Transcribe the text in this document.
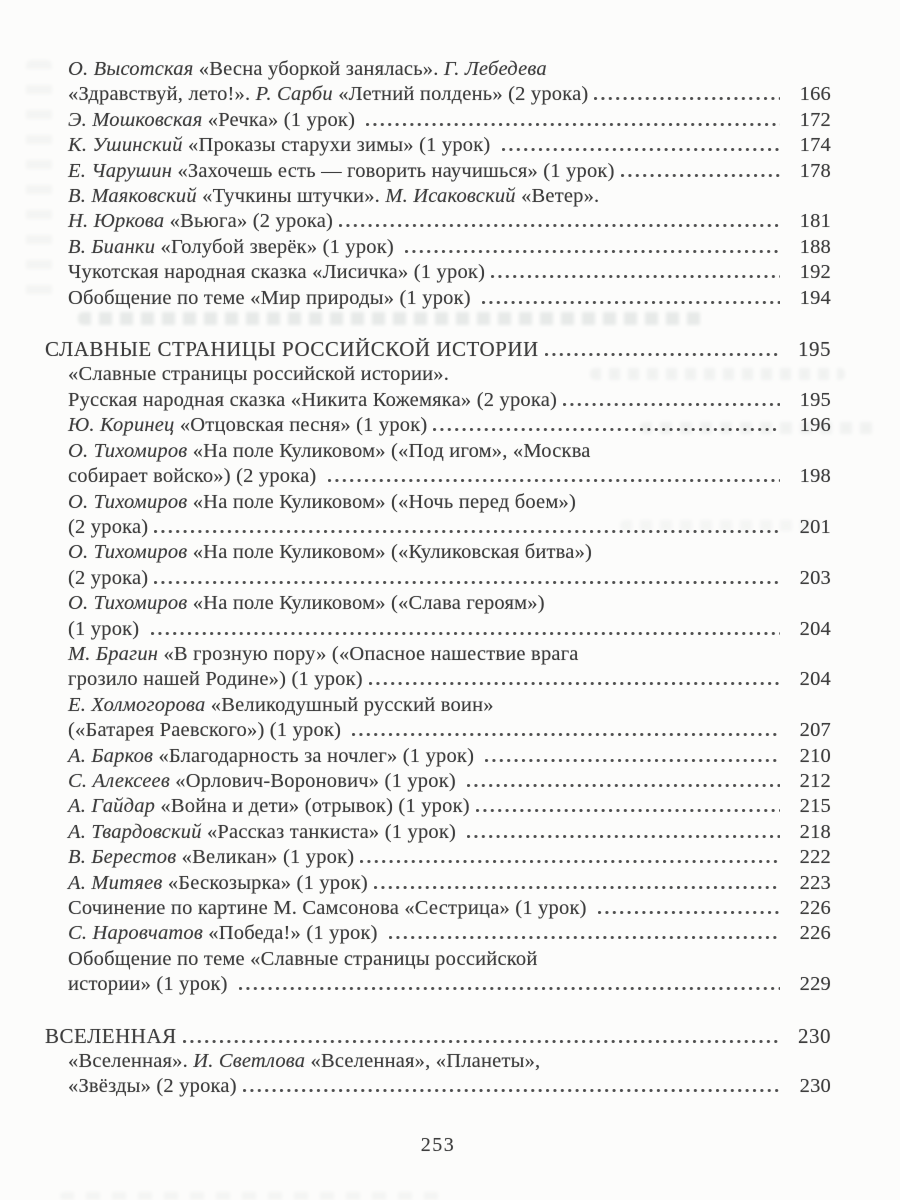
О. Высотская «Весна уборкой занялась». Г. Лебедева
«Здравствуй, лето!». Р. Сарби «Летний полдень» (2 урока)	166
Э. Мошковская «Речка» (1 урок)	172
К. Ушинский «Проказы старухи зимы» (1 урок)	174
Е. Чарушин «Захочешь есть — говорить научишься» (1 урок)	178
В. Маяковский «Тучкины штучки». М. Исаковский «Ветер».
Н. Юркова «Вьюга» (2 урока)	181
В. Бианки «Голубой зверёк» (1 урок)	188
Чукотская народная сказка «Лисичка» (1 урок)	192
Обобщение по теме «Мир природы» (1 урок)	194
СЛАВНЫЕ СТРАНИЦЫ РОССИЙСКОЙ ИСТОРИИ	195
«Славные страницы российской истории».
Русская народная сказка «Никита Кожемяка» (2 урока)	195
Ю. Коринец «Отцовская песня» (1 урок)	196
О. Тихомиров «На поле Куликовом» («Под игом», «Москва
собирает войско») (2 урока)	198
О. Тихомиров «На поле Куликовом» («Ночь перед боем»)
(2 урока)	201
О. Тихомиров «На поле Куликовом» («Куликовская битва»)
(2 урока)	203
О. Тихомиров «На поле Куликовом» («Слава героям»)
(1 урок)	204
М. Брагин «В грозную пору» («Опасное нашествие врага
грозило нашей Родине») (1 урок)	204
Е. Холмогорова «Великодушный русский воин»
(«Батарея Раевского») (1 урок)	207
А. Барков «Благодарность за ночлег» (1 урок)	210
С. Алексеев «Орлович-Воронович» (1 урок)	212
А. Гайдар «Война и дети» (отрывок) (1 урок)	215
А. Твардовский «Рассказ танкиста» (1 урок)	218
В. Берестов «Великан» (1 урок)	222
А. Митяев «Бескозырка» (1 урок)	223
Сочинение по картине М. Самсонова «Сестрица» (1 урок)	226
С. Наровчатов «Победа!» (1 урок)	226
Обобщение по теме «Славные страницы российской
истории» (1 урок)	229
ВСЕЛЕННАЯ	230
«Вселенная». И. Светлова «Вселенная», «Планеты»,
«Звёзды» (2 урока)	230
253
